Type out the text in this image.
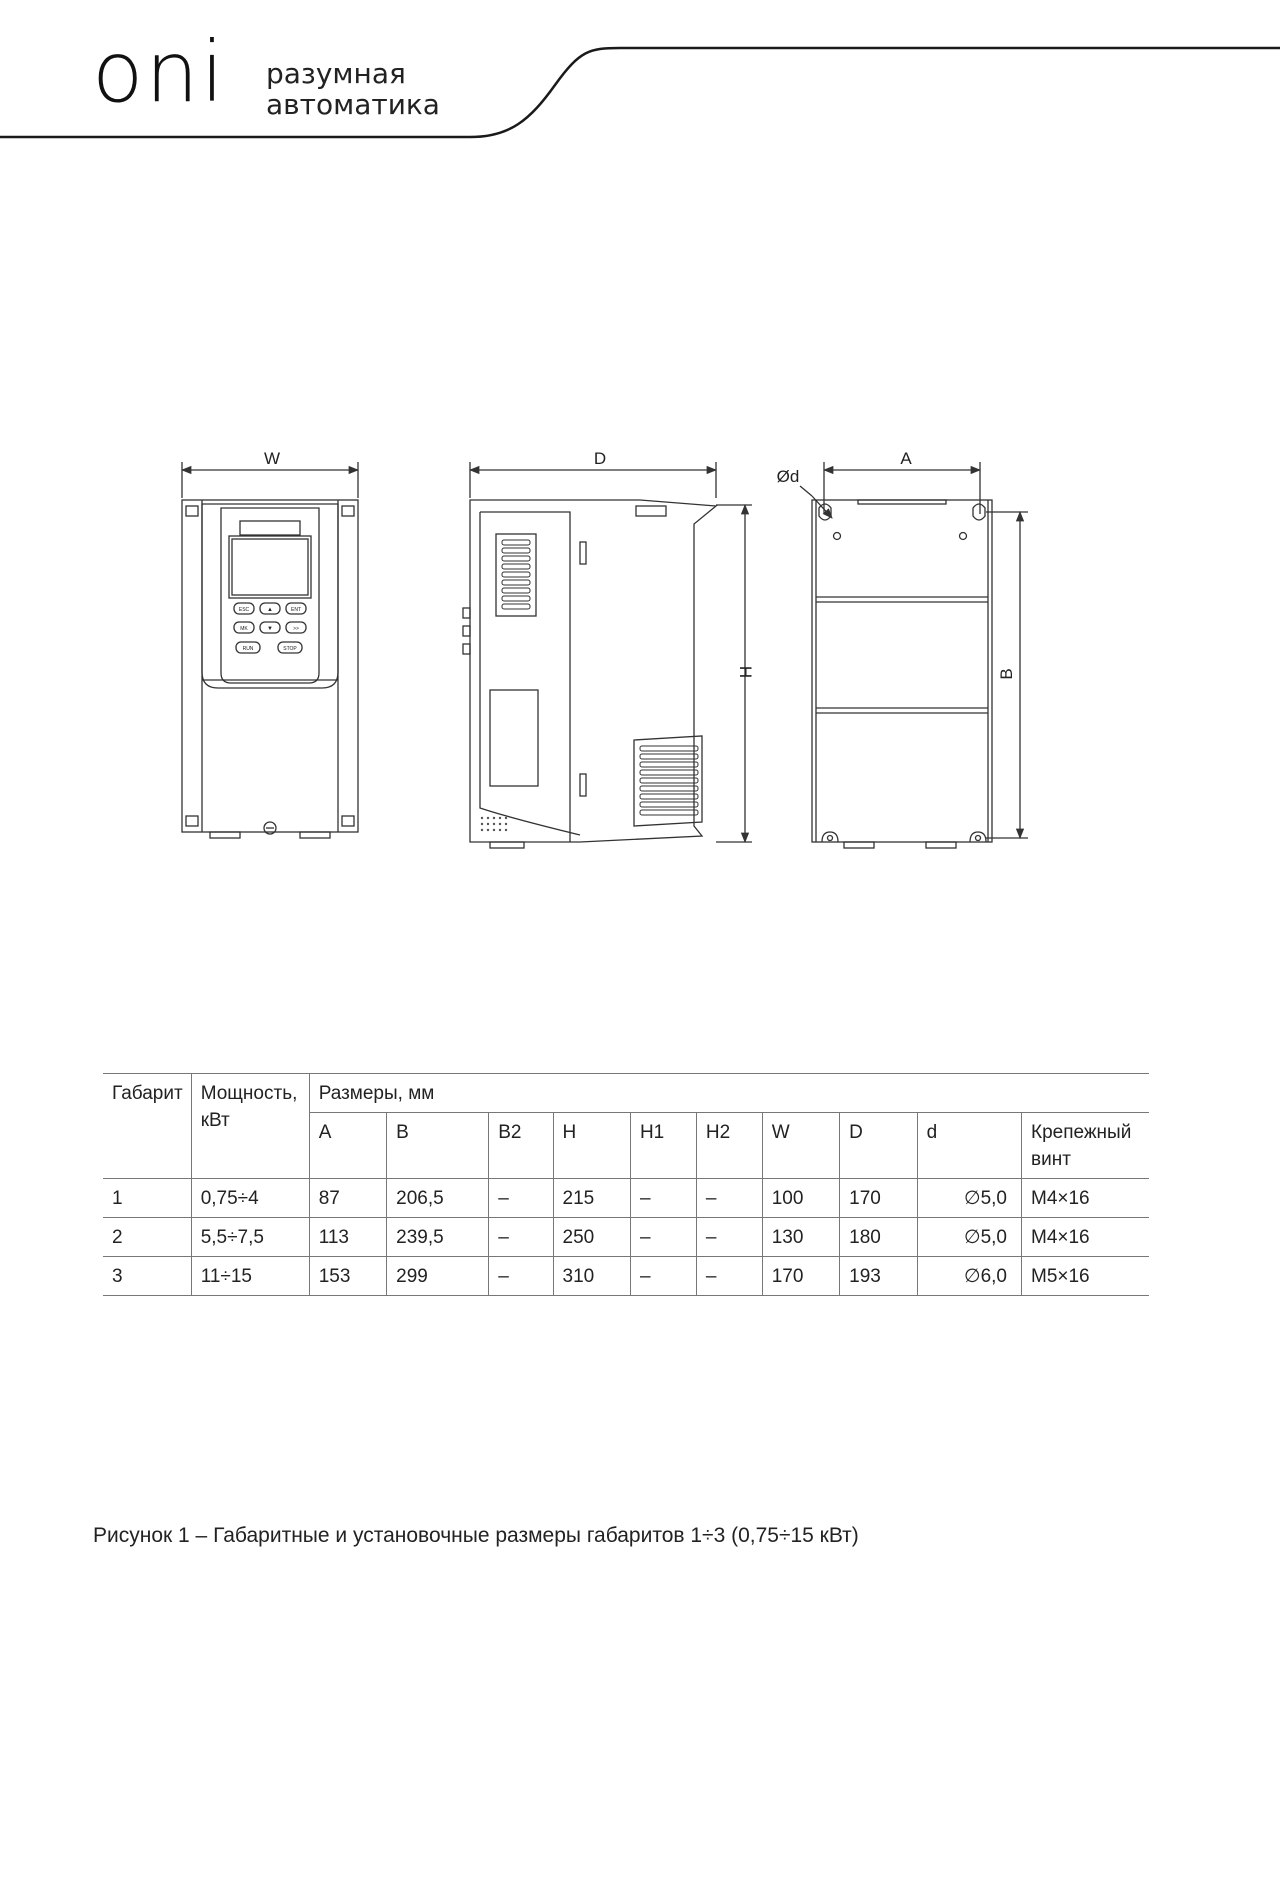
oni разумная
автоматика
ESC	▲	ENT
MK	▼	>>
RUN	STOP
W
H
D
B
A
Ød
Габарит	Мощность, кВт	Размеры, мм									
		A	B	B2	H	H1	H2	W	D	d	Крепежный винт
1	0,75÷4	87	206,5	–	215	–	–	100	170	∅5,0	M4×16
2	5,5÷7,5	113	239,5	–	250	–	–	130	180	∅5,0	M4×16
3	11÷15	153	299	–	310	–	–	170	193	∅6,0	M5×16
Рисунок 1 – Габаритные и установочные размеры габаритов 1÷3 (0,75÷15 кВт)
